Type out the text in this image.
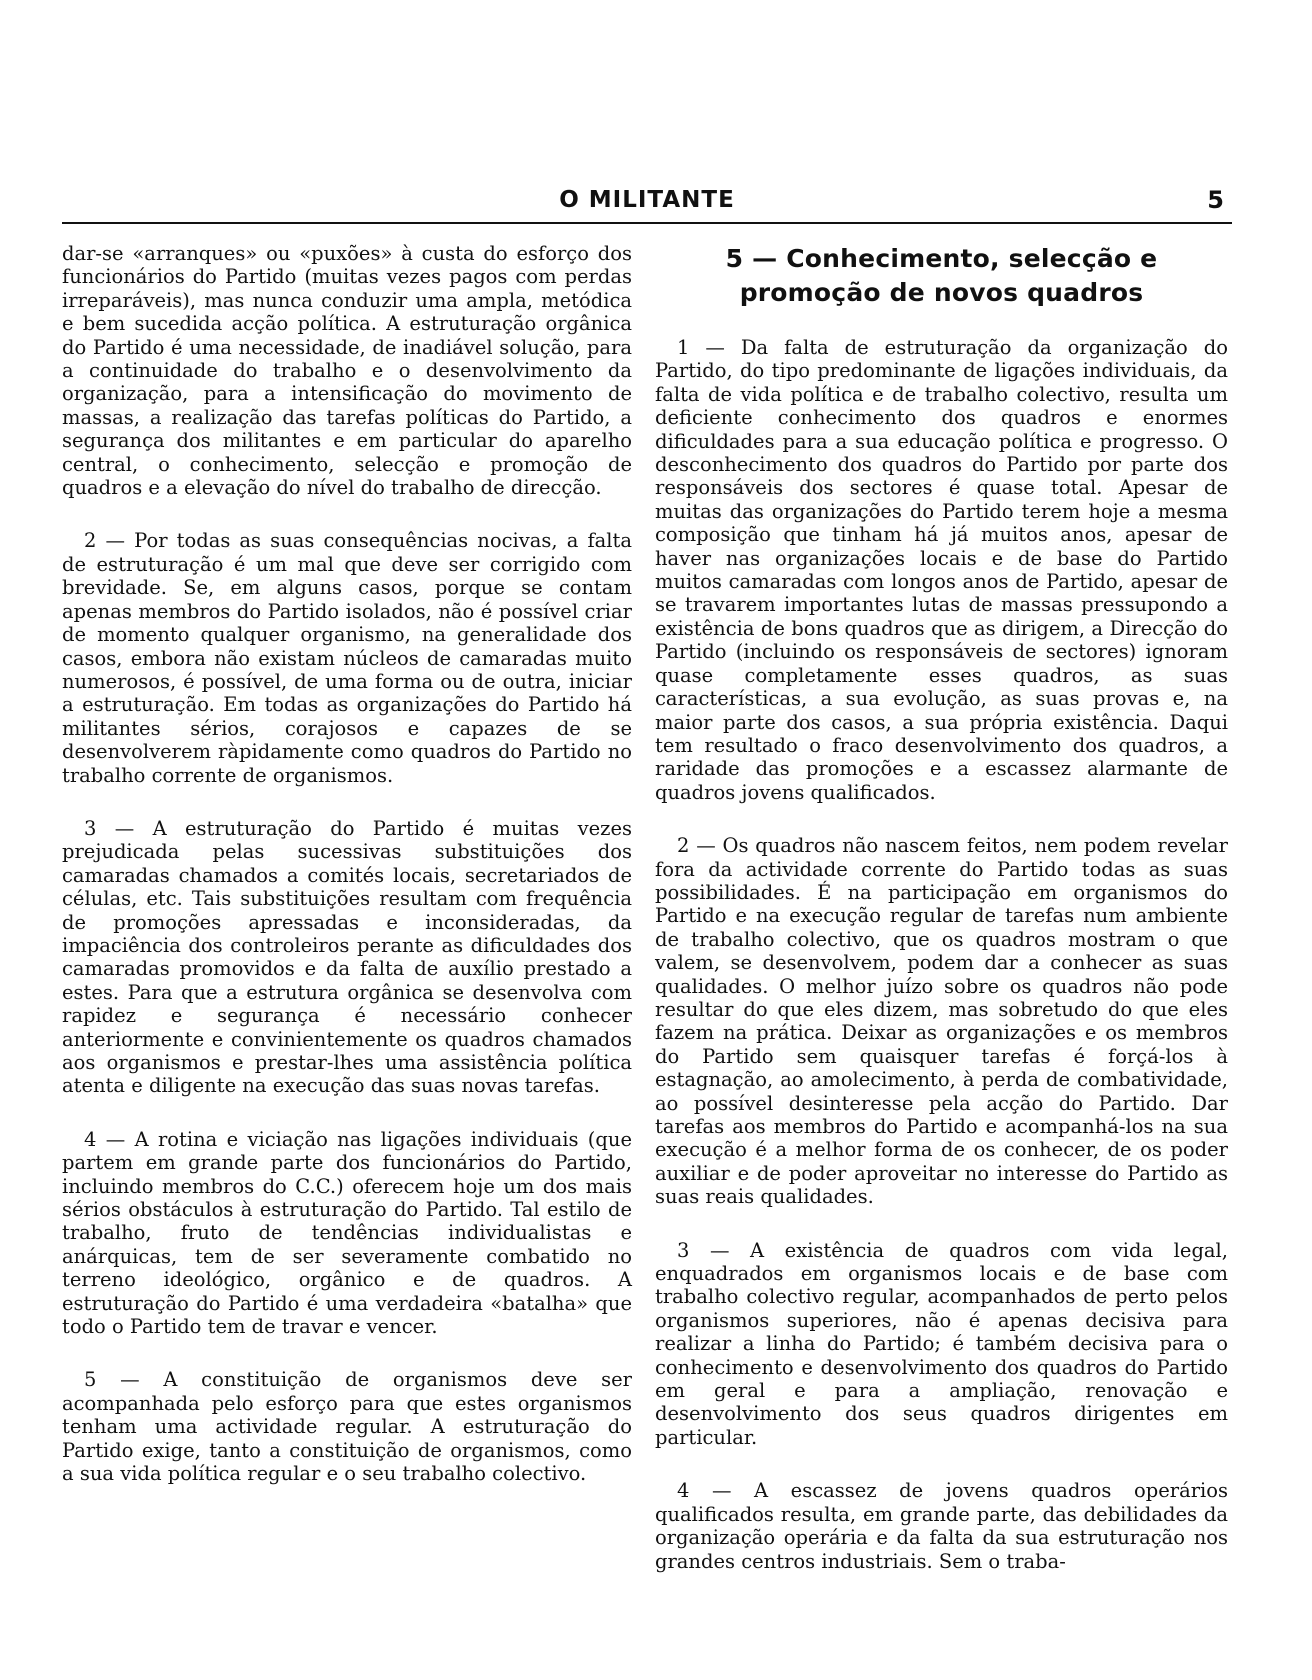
O MILITANTE	5

dar-se «arranques» ou «puxões» à custa do esforço dos funcionários do Partido (muitas vezes pagos com perdas irreparáveis), mas nunca conduzir uma ampla, metódica e bem sucedida acção política. A estruturação orgânica do Partido é uma necessidade, de inadiável solução, para a continuidade do trabalho e o desenvolvimento da organização, para a intensificação do movimento de massas, a realização das tarefas políticas do Partido, a segurança dos militantes e em particular do aparelho central, o conhecimento, selecção e promoção de quadros e a elevação do nível do trabalho de direcção.

2 — Por todas as suas consequências nocivas, a falta de estruturação é um mal que deve ser corrigido com brevidade. Se, em alguns casos, porque se contam apenas membros do Partido isolados, não é possível criar de momento qualquer organismo, na generalidade dos casos, embora não existam núcleos de camaradas muito numerosos, é possível, de uma forma ou de outra, iniciar a estruturação. Em todas as organizações do Partido há militantes sérios, corajosos e capazes de se desenvolverem ràpidamente como quadros do Partido no trabalho corrente de organismos.

3 — A estruturação do Partido é muitas vezes prejudicada pelas sucessivas substituições dos camaradas chamados a comités locais, secretariados de células, etc. Tais substituições resultam com frequência de promoções apressadas e inconsideradas, da impaciência dos controleiros perante as dificuldades dos camaradas promovidos e da falta de auxílio prestado a estes. Para que a estrutura orgânica se desenvolva com rapidez e segurança é necessário conhecer anteriormente e convinientemente os quadros chamados aos organismos e prestar-lhes uma assistência política atenta e diligente na execução das suas novas tarefas.

4 — A rotina e viciação nas ligações individuais (que partem em grande parte dos funcionários do Partido, incluindo membros do C.C.) oferecem hoje um dos mais sérios obstáculos à estruturação do Partido. Tal estilo de trabalho, fruto de tendências individualistas e anárquicas, tem de ser severamente combatido no terreno ideológico, orgânico e de quadros. A estruturação do Partido é uma verdadeira «batalha» que todo o Partido tem de travar e vencer.

5 — A constituição de organismos deve ser acompanhada pelo esforço para que estes organismos tenham uma actividade regular. A estruturação do Partido exige, tanto a constituição de organismos, como a sua vida política regular e o seu trabalho colectivo.

5 — Conhecimento, selecção e promoção de novos quadros

1 — Da falta de estruturação da organização do Partido, do tipo predominante de ligações individuais, da falta de vida política e de trabalho colectivo, resulta um deficiente conhecimento dos quadros e enormes dificuldades para a sua educação política e progresso. O desconhecimento dos quadros do Partido por parte dos responsáveis dos sectores é quase total. Apesar de muitas das organizações do Partido terem hoje a mesma composição que tinham há já muitos anos, apesar de haver nas organizações locais e de base do Partido muitos camaradas com longos anos de Partido, apesar de se travarem importantes lutas de massas pressupondo a existência de bons quadros que as dirigem, a Direcção do Partido (incluindo os responsáveis de sectores) ignoram quase completamente esses quadros, as suas características, a sua evolução, as suas provas e, na maior parte dos casos, a sua própria existência. Daqui tem resultado o fraco desenvolvimento dos quadros, a raridade das promoções e a escassez alarmante de quadros jovens qualificados.

2 — Os quadros não nascem feitos, nem podem revelar fora da actividade corrente do Partido todas as suas possibilidades. É na participação em organismos do Partido e na execução regular de tarefas num ambiente de trabalho colectivo, que os quadros mostram o que valem, se desenvolvem, podem dar a conhecer as suas qualidades. O melhor juízo sobre os quadros não pode resultar do que eles dizem, mas sobretudo do que eles fazem na prática. Deixar as organizações e os membros do Partido sem quaisquer tarefas é forçá-los à estagnação, ao amolecimento, à perda de combatividade, ao possível desinteresse pela acção do Partido. Dar tarefas aos membros do Partido e acompanhá-los na sua execução é a melhor forma de os conhecer, de os poder auxiliar e de poder aproveitar no interesse do Partido as suas reais qualidades.

3 — A existência de quadros com vida legal, enquadrados em organismos locais e de base com trabalho colectivo regular, acompanhados de perto pelos organismos superiores, não é apenas decisiva para realizar a linha do Partido; é também decisiva para o conhecimento e desenvolvimento dos quadros do Partido em geral e para a ampliação, renovação e desenvolvimento dos seus quadros dirigentes em particular.

4 — A escassez de jovens quadros operários qualificados resulta, em grande parte, das debilidades da organização operária e da falta da sua estruturação nos grandes centros industriais. Sem o traba-
